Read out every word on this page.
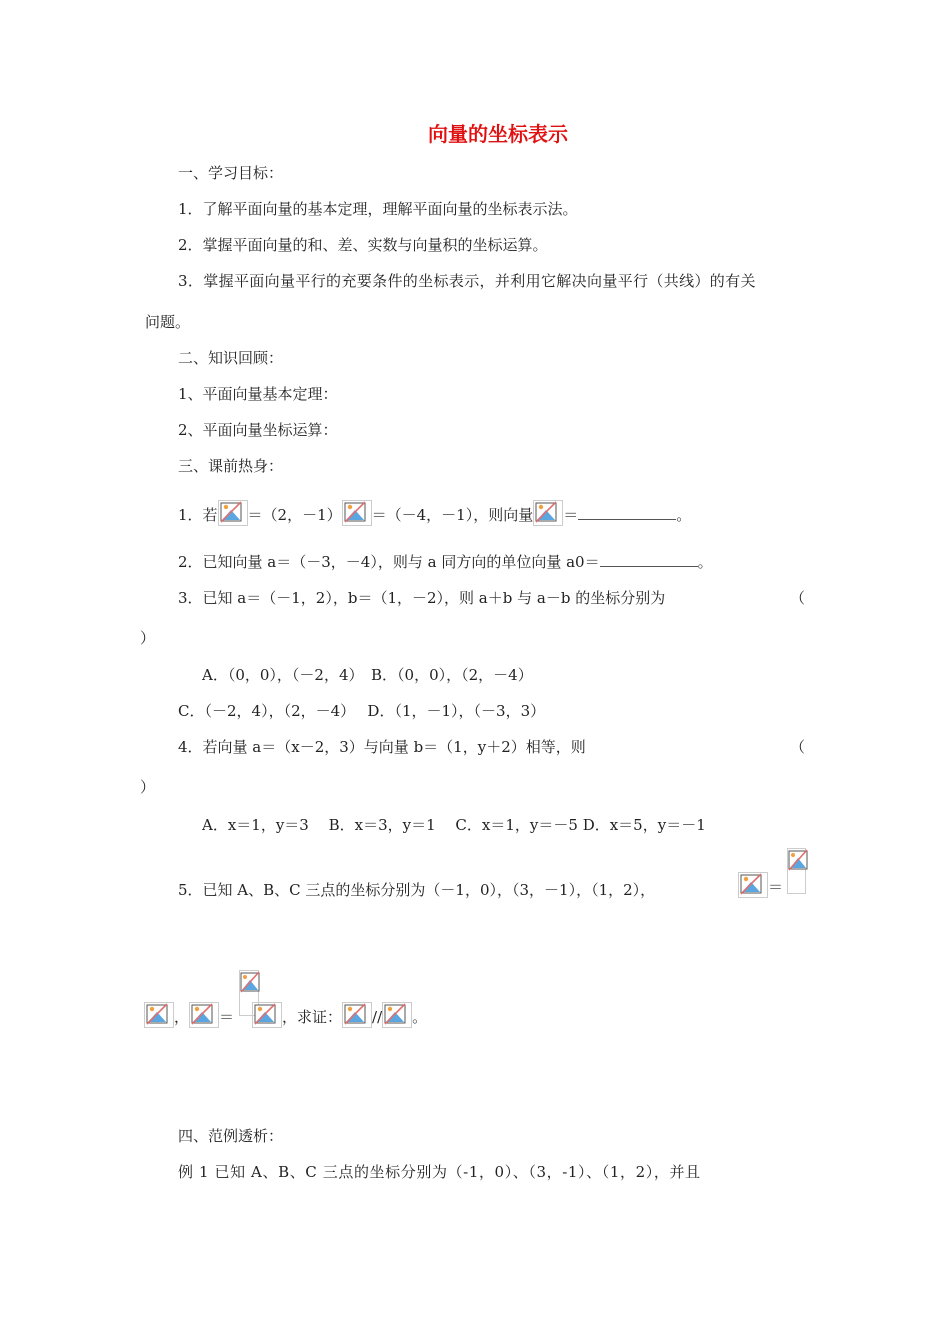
向量的坐标表示
一、学习目标：
1．了解平面向量的基本定理，理解平面向量的坐标表示法。
2．掌握平面向量的和、差、实数与向量积的坐标运算。
3．掌握平面向量平行的充要条件的坐标表示，并利用它解决向量平行（共线）的有关
问题。
二、知识回顾：
1、平面向量基本定理：
2、平面向量坐标运算：
三、课前热身：
1．若 ＝（2，－1） ＝（－4，－1），则向量 ＝	。
2．已知向量 a＝（－3，－4），则与 a 同方向的单位向量 a0＝	。
3．已知 a＝（－1，2），b＝（1，－2），则 a＋b 与 a－b 的坐标分别为	（
）
A．（0，0），（－2，4）　B．（0，0），（2，－4）
C．（－2，4），（2，－4）　 D．（1，－1），（－3，3）
4．若向量 a＝（x－2，3）与向量 b＝（1，y＋2）相等，则	（
）
A．x＝1，y＝3　 B．x＝3，y＝1　 C．x＝1，y＝－5 D．x＝5，y＝－1
5．已知 A、B、C 三点的坐标分别为（－1，0），（3，－1），（1，2），	＝
， ＝	，求证： // 。
四、范例透析：
例 1 已知 A、B、C 三点的坐标分别为（-1，0）、（3，-1）、（1，2），并且
